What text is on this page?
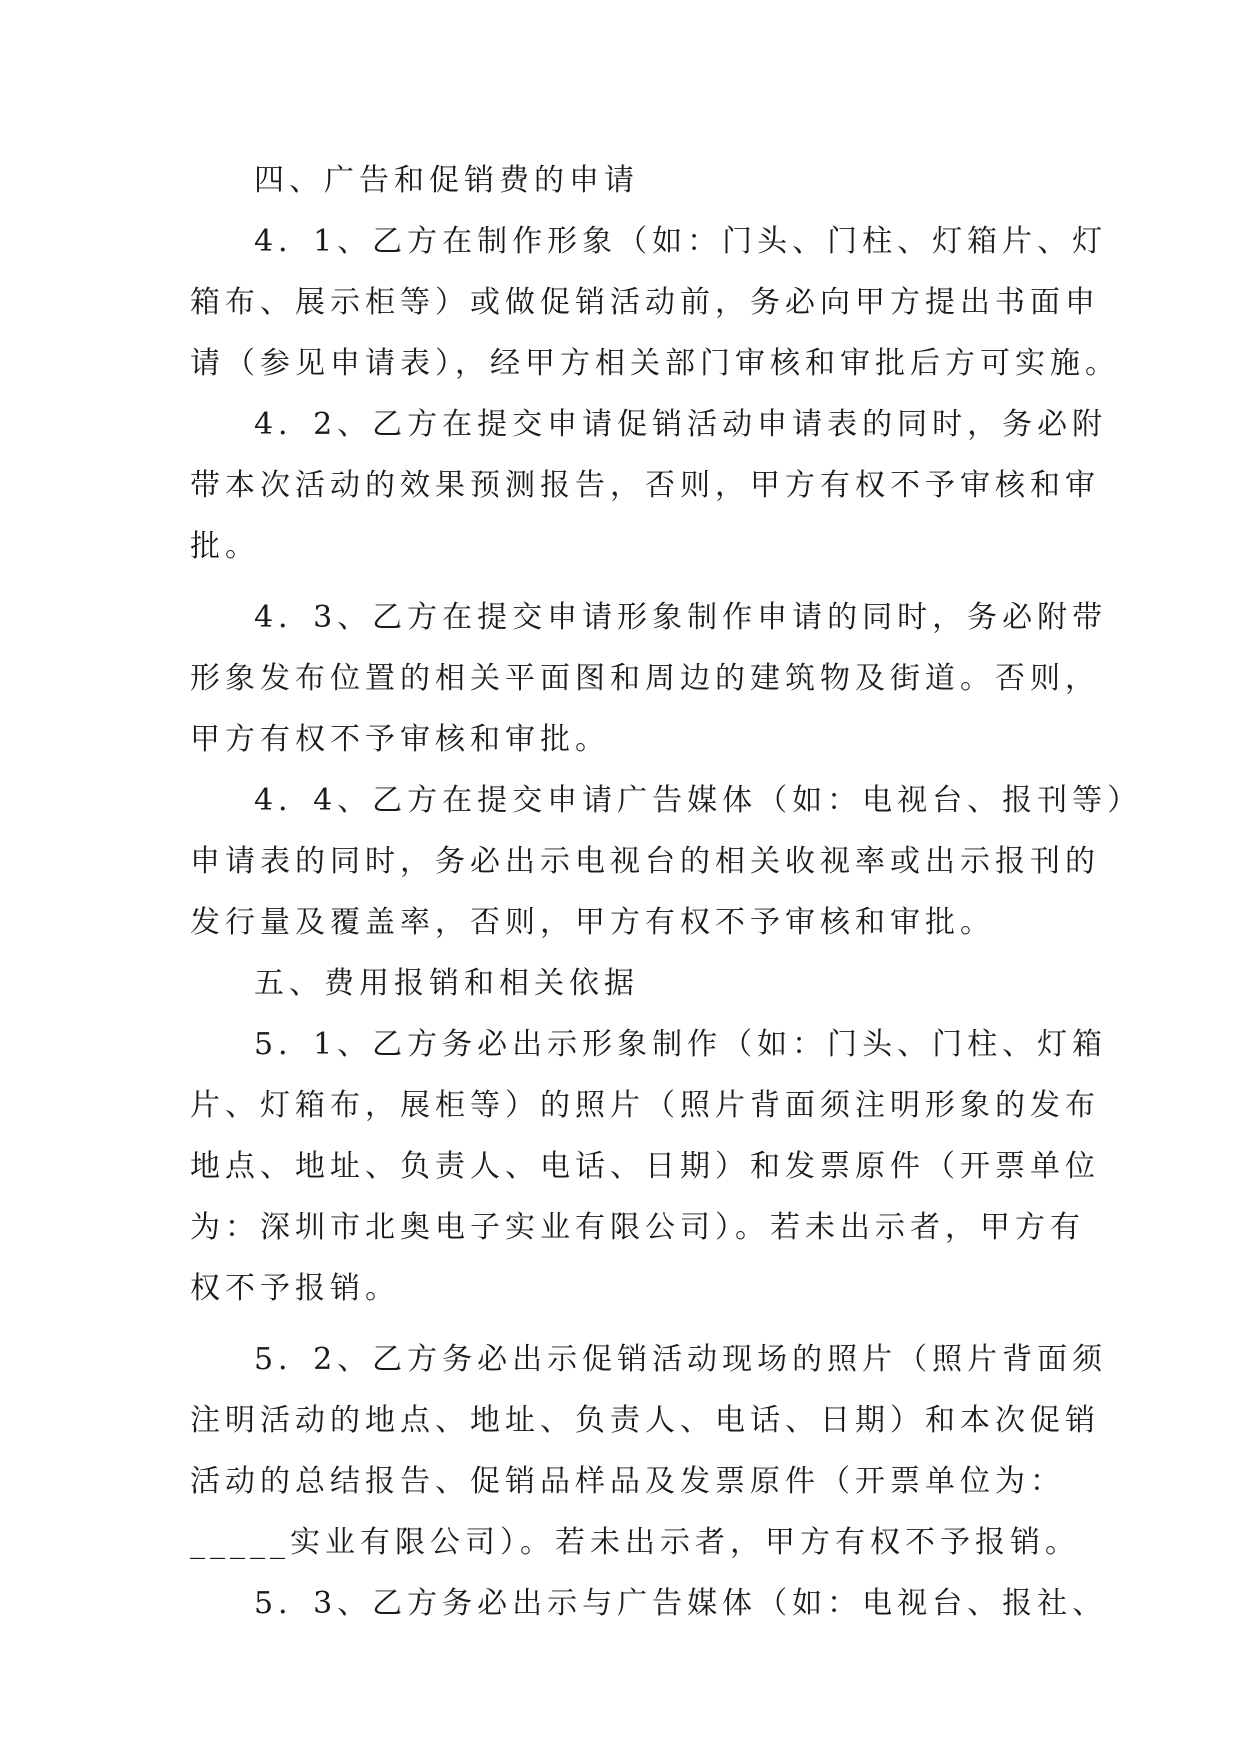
四、广告和促销费的申请
4．1、乙方在制作形象（如：门头、门柱、灯箱片、灯
箱布、展示柜等）或做促销活动前，务必向甲方提出书面申
请（参见申请表），经甲方相关部门审核和审批后方可实施。
4．2、乙方在提交申请促销活动申请表的同时，务必附
带本次活动的效果预测报告，否则，甲方有权不予审核和审
批。
4．3、乙方在提交申请形象制作申请的同时，务必附带
形象发布位置的相关平面图和周边的建筑物及街道。否则，
甲方有权不予审核和审批。
4．4、乙方在提交申请广告媒体（如：电视台、报刊等）
申请表的同时，务必出示电视台的相关收视率或出示报刊的
发行量及覆盖率，否则，甲方有权不予审核和审批。
五、费用报销和相关依据
5．1、乙方务必出示形象制作（如：门头、门柱、灯箱
片、灯箱布，展柜等）的照片（照片背面须注明形象的发布
地点、地址、负责人、电话、日期）和发票原件（开票单位
为：深圳市北奥电子实业有限公司）。若未出示者，甲方有
权不予报销。
5．2、乙方务必出示促销活动现场的照片（照片背面须
注明活动的地点、地址、负责人、电话、日期）和本次促销
活动的总结报告、促销品样品及发票原件（开票单位为：
_____实业有限公司）。若未出示者，甲方有权不予报销。
5．3、乙方务必出示与广告媒体（如：电视台、报社、
